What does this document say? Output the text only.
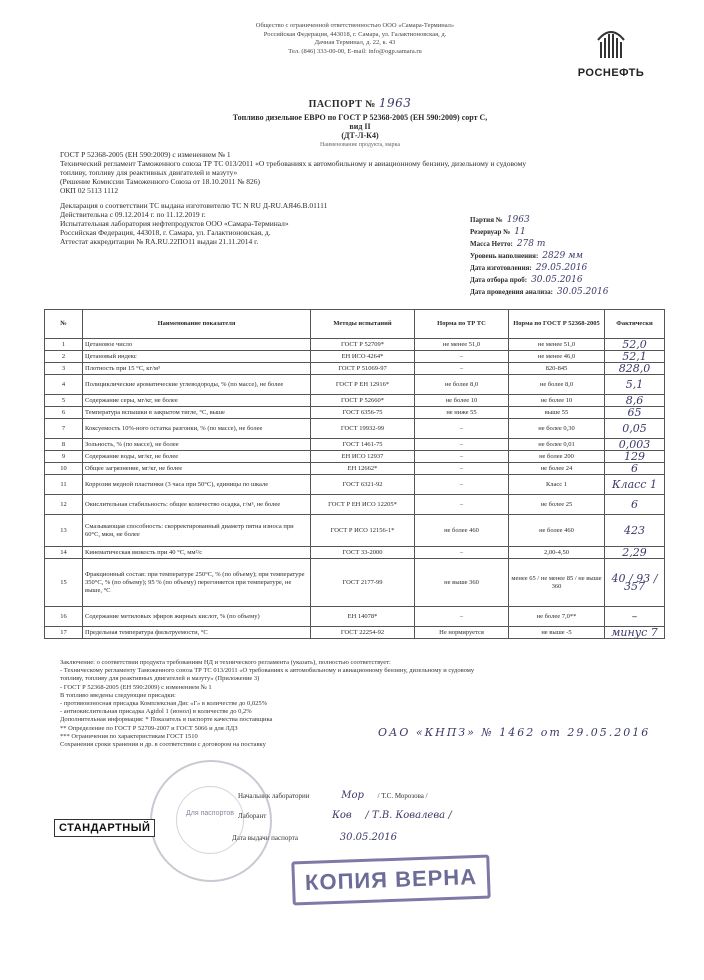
Общество с ограниченной ответственностью ООО «Самара-Терминал»
Российская Федерация, 443018, г. Самара, ул. Галактионовская, д.
Дачная Терминал, д. 22, к. 43
Тел. (846) 333-00-00, E-mail: info@ogp.samara.ru
РОСНЕФТЬ
ПАСПОРТ № 1963
Топливо дизельное ЕВРО по ГОСТ Р 52368-2005 (ЕН 590:2009) сорт С, вид II
(ДТ-Л-К4)
Наименование продукта, марка
ГОСТ Р 52368-2005 (ЕН 590:2009) с изменением № 1
Технический регламент Таможенного союза ТР ТС 013/2011 «О требованиях к автомобильному и авиационному бензину, дизельному и судовому
топливу, топливу для реактивных двигателей и мазуту»
(Решение Комиссии Таможенного Союза от 18.10.2011 № 826)
ОКП 02 5113 1112
Декларация о соответствии ТС выдана изготовителю ТС N RU Д-RU.АЯ46.В.01111
Действительна с 09.12.2014 г. по 11.12.2019 г.
Испытательная лаборатория нефтепродуктов ООО «Самара-Терминал»
Российская Федерация, 443018, г. Самара, ул. Галактионовская, д.
Аттестат аккредитации № RA.RU.22ПО11 выдан 21.11.2014 г.
Партия № 1963
Резервуар № 11
Масса Нетто: 278 т
Уровень наполнения: 2829 мм
Дата изготовления: 29.05.2016
Дата отбора проб: 30.05.2016
Дата проведения анализа: 30.05.2016
№	Наименование показателя	Методы испытаний	Норма по ТР ТС	Норма по ГОСТ Р 52368-2005	Фактически
1	Цетановое число	ГОСТ Р 52709*	не менее 51,0	не менее 51,0	52,0
2	Цетановый индекс	ЕН ИСО 4264*	–	не менее 46,0	52,1
3	Плотность при 15 °С, кг/м³	ГОСТ Р 51069-97	–	820-845	828,0
4	Полициклические ароматические углеводороды, % (по массе), не более	ГОСТ Р ЕН 12916*	не более 8,0	не более 8,0	5,1
5	Содержание серы, мг/кг, не более	ГОСТ Р 52660*	не более 10	не более 10	8,6
6	Температура вспышки в закрытом тигле, °С, выше	ГОСТ 6356-75	не ниже 55	выше 55	65
7	Коксуемость 10%-ного остатка разгонки, % (по массе), не более	ГОСТ 19932-99	–	не более 0,30	0,05
8	Зольность, % (по массе), не более	ГОСТ 1461-75	–	не более 0,01	0,003
9	Содержание воды, мг/кг, не более	ЕН ИСО 12937	–	не более 200	129
10	Общее загрязнение, мг/кг, не более	ЕН 12662*	–	не более 24	6
11	Коррозия медной пластинки (3 часа при 50°С), единицы по шкале	ГОСТ 6321-92	–	Класс 1	Класс 1
12	Окислительная стабильность: общее количество осадка, г/м³, не более	ГОСТ Р ЕН ИСО 12205*	–	не более 25	6
13	Смазывающая способность: скорректированный диаметр пятна износа при 60°С, мкм, не более	ГОСТ Р ИСО 12156-1*	не более 460	не более 460	423
14	Кинематическая вязкость при 40 °С, мм²/с	ГОСТ 33-2000	–	2,00-4,50	2,29
15	Фракционный состав: при температуре 250°С, % (по объему); при температуре 350°С, % (по объему); 95 % (по объему) перегоняется при температуре, не выше, °С	ГОСТ 2177-99	не выше 360	менее 65 / не менее 85 / не выше 360	40 / 93 / 357
16	Содержание метиловых эфиров жирных кислот, % (по объему)	ЕН 14078*	–	не более 7,0**	–
17	Предельная температура фильтруемости, °С	ГОСТ 22254-92	Не нормируется	не выше -5	минус 7
Заключение: о соответствии продукта требованиям НД и технического регламента (указать), полностью соответствует:
- Техническому регламенту Таможенного союза ТР ТС 013/2011 «О требованиях к автомобильному и авиационному бензину, дизельному и судовому
топливу, топливу для реактивных двигателей и мазуту» (Приложение 3)
- ГОСТ Р 52368-2005 (ЕН 590:2009) с изменением № 1
В топливо введены следующие присадки:
- противоизносная присадка Комплексная Дис «Г» в количестве до 0,025%
- антиокислительная присадка Agidol 1 (ионол) в количестве до 0,2%
Дополнительная информация: * Показатель в паспорте качества поставщика
** Определение по ГОСТ Р 52709-2007 и ГОСТ 5066 и для ЛДЗ
*** Ограничения по характеристикам ГОСТ 1510
Сохранения сроки хранения и др. в соответствии с договором на поставку
ОАО «КНПЗ» № 1462 от 29.05.2016
Начальник лаборатории	Мор / Т.С. Морозова /
Лаборант	Ков / Т.В. Ковалева /
Дата выдачи паспорта	30.05.2016
Для паспортов
СТАНДАРТНЫЙ
КОПИЯ ВЕРНА
